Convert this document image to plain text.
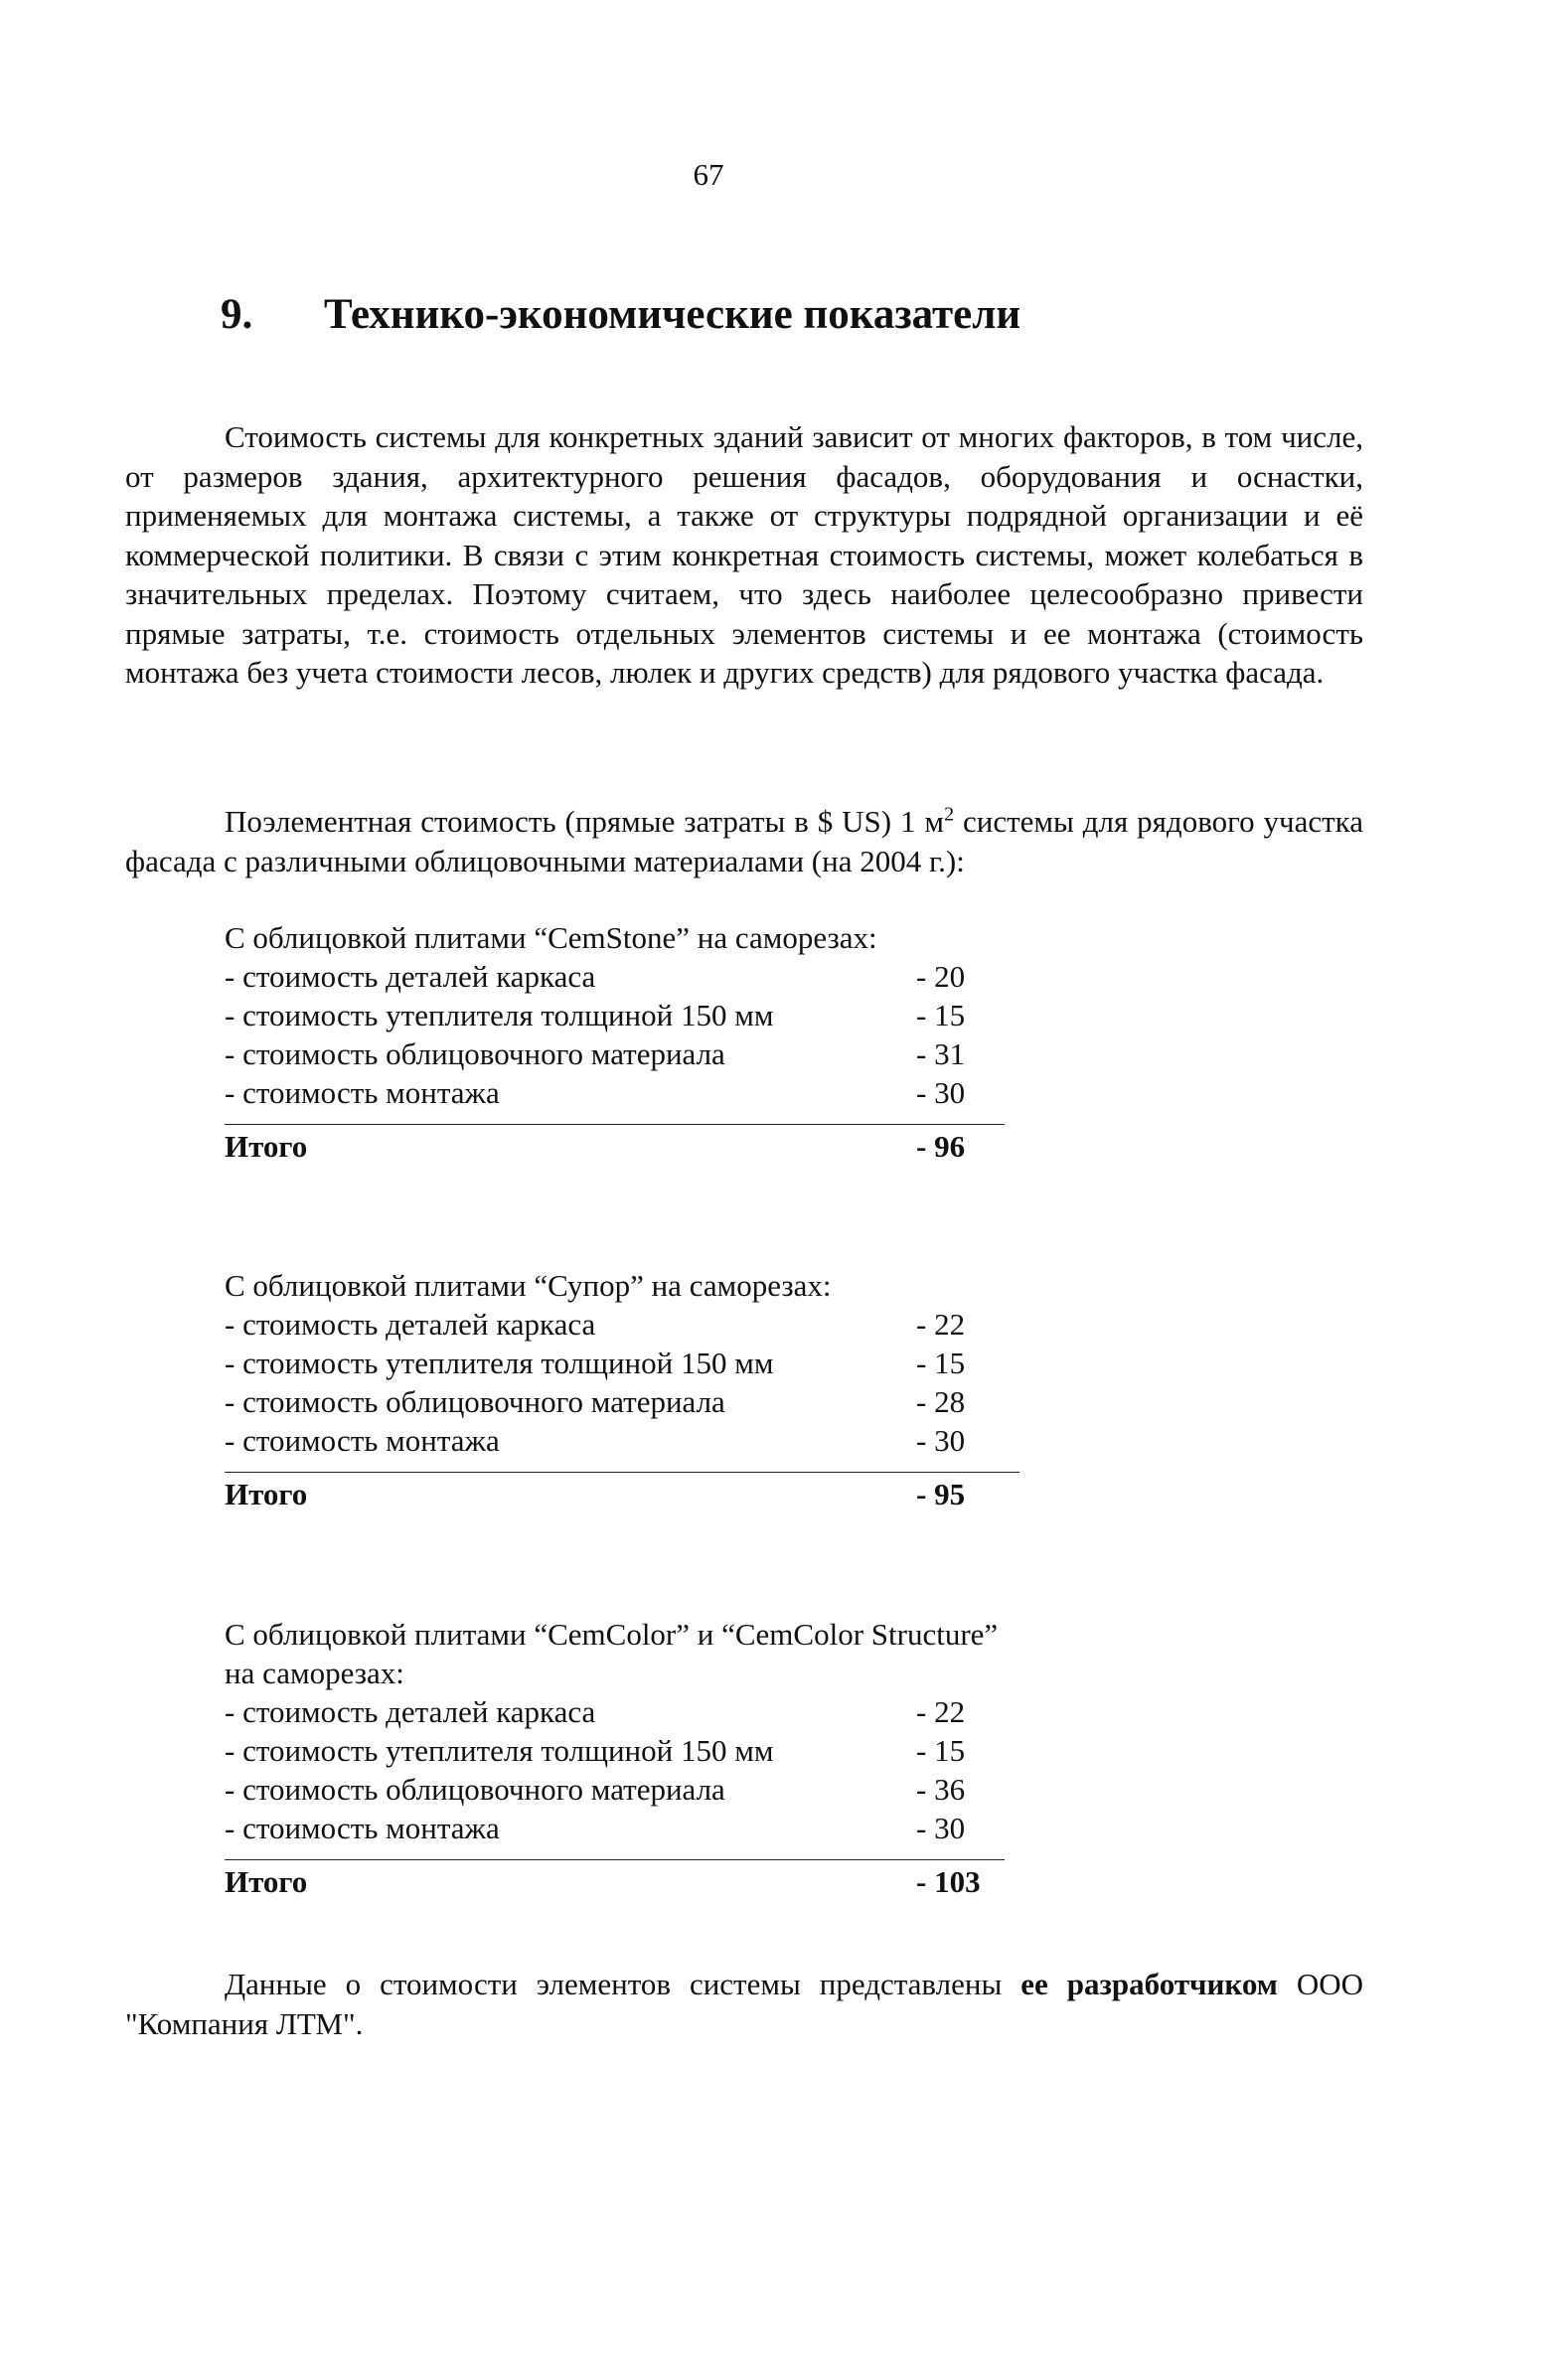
67
9. Технико-экономические показатели
Стоимость системы для конкретных зданий зависит от многих факторов, в том числе, от размеров здания, архитектурного решения фасадов, оборудования и оснастки, применяемых для монтажа системы, а также от структуры подрядной организации и её коммерческой политики. В связи с этим конкретная стоимость системы, может колебаться в значительных пределах. Поэтому считаем, что здесь наиболее целесообразно привести прямые затраты, т.е. стоимость отдельных элементов системы и ее монтажа (стоимость монтажа без учета стоимости лесов, люлек и других средств) для рядового участка фасада.
Поэлементная стоимость (прямые затраты в $ US) 1 $м^2$ системы для рядового участка фасада с различными облицовочными материалами (на 2004 г.):
С облицовкой плитами “CemStone” на саморезах:
- стоимость деталей каркаса	- 20
- стоимость утеплителя толщиной 150 мм	- 15
- стоимость облицовочного материала	- 31
- стоимость монтажа	- 30
Итого	- 96
С облицовкой плитами “Супор” на саморезах:
- стоимость деталей каркаса	- 22
- стоимость утеплителя толщиной 150 мм	- 15
- стоимость облицовочного материала	- 28
- стоимость монтажа	- 30
Итого	- 95
С облицовкой плитами “CemColor” и “CemColor Structure”
на саморезах:
- стоимость деталей каркаса	- 22
- стоимость утеплителя толщиной 150 мм	- 15
- стоимость облицовочного материала	- 36
- стоимость монтажа	- 30
Итого	- 103
Данные о стоимости элементов системы представлены ее разработчиком ООО "Компания ЛТМ".
